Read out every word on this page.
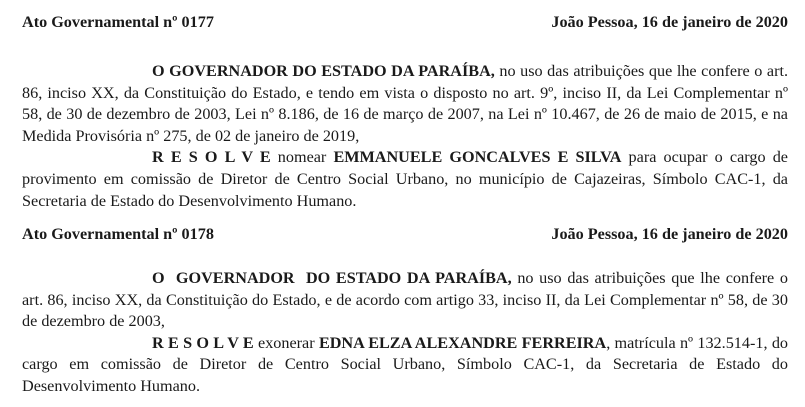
Ato Governamental nº 0177	João Pessoa, 16 de janeiro de 2020

O GOVERNADOR DO ESTADO DA PARAÍBA, no uso das atribuições que lhe confere o art. 86, inciso XX, da Constituição do Estado, e tendo em vista o disposto no art. 9º, inciso II, da Lei Complementar nº 58, de 30 de dezembro de 2003, Lei nº 8.186, de 16 de março de 2007, na Lei nº 10.467, de 26 de maio de 2015, e na Medida Provisória nº 275, de 02 de janeiro de 2019,

R E S O L V E nomear EMMANUELE GONCALVES E SILVA para ocupar o cargo de provimento em comissão de Diretor de Centro Social Urbano, no município de Cajazeiras, Símbolo CAC-1, da Secretaria de Estado do Desenvolvimento Humano.

Ato Governamental nº 0178	João Pessoa, 16 de janeiro de 2020

O  GOVERNADOR  DO ESTADO DA PARAÍBA, no uso das atribuições que lhe confere o art. 86, inciso XX, da Constituição do Estado, e de acordo com artigo 33, inciso II, da Lei Complementar nº 58, de 30 de dezembro de 2003,

R E S O L V E exonerar EDNA ELZA ALEXANDRE FERREIRA, matrícula nº 132.514-1, do cargo em comissão de Diretor de Centro Social Urbano, Símbolo CAC-1, da Secretaria de Estado do Desenvolvimento Humano.
